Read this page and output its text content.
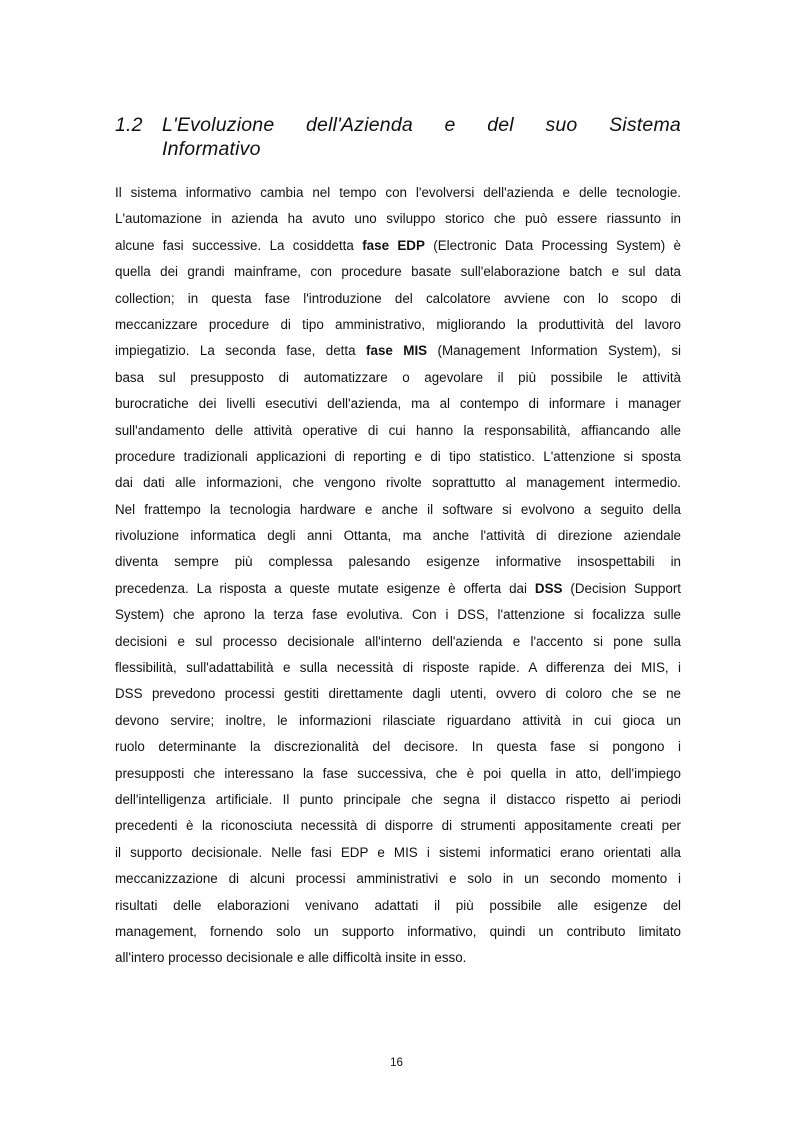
1.2 L'Evoluzione dell'Azienda e del suo Sistema
Informativo
Il sistema informativo cambia nel tempo con l'evolversi dell'azienda e delle tecnologie.
L'automazione in azienda ha avuto uno sviluppo storico che può essere riassunto in
alcune fasi successive. La cosiddetta fase EDP (Electronic Data Processing System) è
quella dei grandi mainframe, con procedure basate sull'elaborazione batch e sul data
collection; in questa fase l'introduzione del calcolatore avviene con lo scopo di
meccanizzare procedure di tipo amministrativo, migliorando la produttività del lavoro
impiegatizio. La seconda fase, detta fase MIS (Management Information System), si
basa sul presupposto di automatizzare o agevolare il più possibile le attività
burocratiche dei livelli esecutivi dell'azienda, ma al contempo di informare i manager
sull'andamento delle attività operative di cui hanno la responsabilità, affiancando alle
procedure tradizionali applicazioni di reporting e di tipo statistico. L'attenzione si sposta
dai dati alle informazioni, che vengono rivolte soprattutto al management intermedio.
Nel frattempo la tecnologia hardware e anche il software si evolvono a seguito della
rivoluzione informatica degli anni Ottanta, ma anche l'attività di direzione aziendale
diventa sempre più complessa palesando esigenze informative insospettabili in
precedenza. La risposta a queste mutate esigenze è offerta dai DSS (Decision Support
System) che aprono la terza fase evolutiva. Con i DSS, l'attenzione si focalizza sulle
decisioni e sul processo decisionale all'interno dell'azienda e l'accento si pone sulla
flessibilità, sull'adattabilità e sulla necessità di risposte rapide. A differenza dei MIS, i
DSS prevedono processi gestiti direttamente dagli utenti, ovvero di coloro che se ne
devono servire; inoltre, le informazioni rilasciate riguardano attività in cui gioca un
ruolo determinante la discrezionalità del decisore. In questa fase si pongono i
presupposti che interessano la fase successiva, che è poi quella in atto, dell'impiego
dell'intelligenza artificiale. Il punto principale che segna il distacco rispetto ai periodi
precedenti è la riconosciuta necessità di disporre di strumenti appositamente creati per
il supporto decisionale. Nelle fasi EDP e MIS i sistemi informatici erano orientati alla
meccanizzazione di alcuni processi amministrativi e solo in un secondo momento i
risultati delle elaborazioni venivano adattati il più possibile alle esigenze del
management, fornendo solo un supporto informativo, quindi un contributo limitato
all'intero processo decisionale e alle difficoltà insite in esso.
16
